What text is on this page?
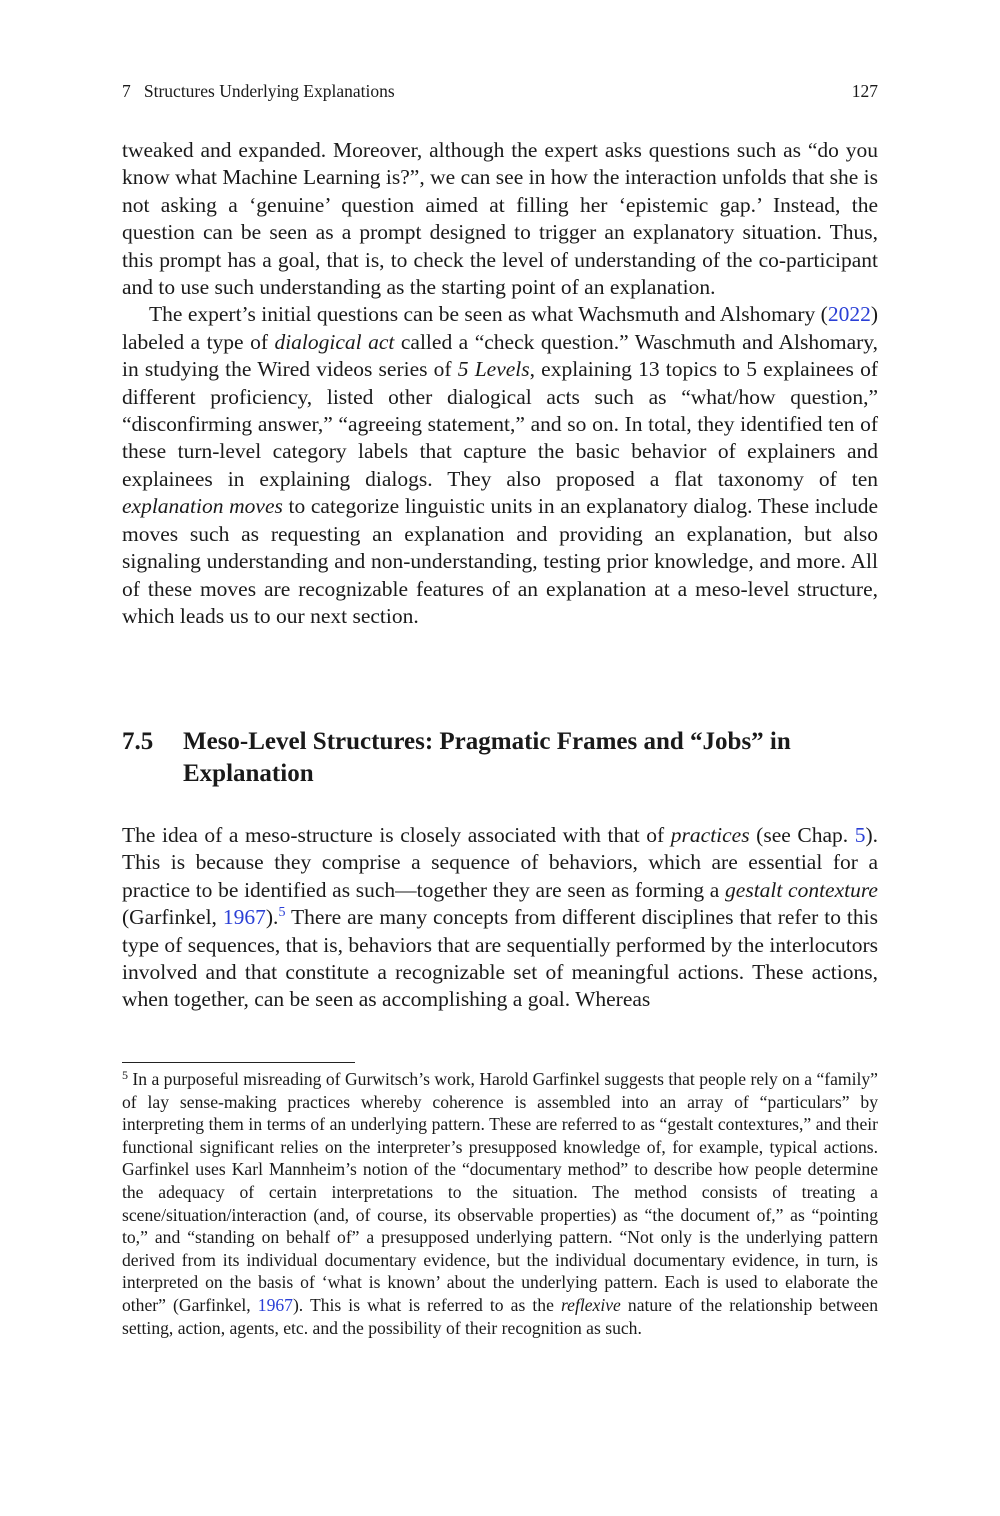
7   Structures Underlying Explanations	127

tweaked and expanded. Moreover, although the expert asks questions such as “do you know what Machine Learning is?”, we can see in how the interaction unfolds that she is not asking a ‘genuine’ question aimed at filling her ‘epistemic gap.’ Instead, the question can be seen as a prompt designed to trigger an explanatory situation. Thus, this prompt has a goal, that is, to check the level of understanding of the co-participant and to use such understanding as the starting point of an explanation.

The expert’s initial questions can be seen as what Wachsmuth and Alshomary (2022) labeled a type of dialogical act called a “check question.” Waschmuth and Alshomary, in studying the Wired videos series of 5 Levels, explaining 13 topics to 5 explainees of different proficiency, listed other dialogical acts such as “what/how question,” “disconfirming answer,” “agreeing statement,” and so on. In total, they identified ten of these turn-level category labels that capture the basic behavior of explainers and explainees in explaining dialogs. They also proposed a flat taxonomy of ten explanation moves to categorize linguistic units in an explanatory dialog. These include moves such as requesting an explanation and providing an explanation, but also signaling understanding and non-understanding, testing prior knowledge, and more. All of these moves are recognizable features of an explanation at a meso-level structure, which leads us to our next section.

7.5 Meso-Level Structures: Pragmatic Frames and “Jobs” in Explanation

The idea of a meso-structure is closely associated with that of practices (see Chap. 5). This is because they comprise a sequence of behaviors, which are essential for a practice to be identified as such—together they are seen as forming a gestalt contexture (Garfinkel, 1967).$^5$ There are many concepts from different disciplines that refer to this type of sequences, that is, behaviors that are sequentially performed by the interlocutors involved and that constitute a recognizable set of meaningful actions. These actions, when together, can be seen as accomplishing a goal. Whereas

$^5$ In a purposeful misreading of Gurwitsch’s work, Harold Garfinkel suggests that people rely on a “family” of lay sense-making practices whereby coherence is assembled into an array of “particulars” by interpreting them in terms of an underlying pattern. These are referred to as “gestalt contextures,” and their functional significant relies on the interpreter’s presupposed knowledge of, for example, typical actions. Garfinkel uses Karl Mannheim’s notion of the “documentary method” to describe how people determine the adequacy of certain interpretations to the situation. The method consists of treating a scene/situation/interaction (and, of course, its observable properties) as “the document of,” as “pointing to,” and “standing on behalf of” a presupposed underlying pattern. “Not only is the underlying pattern derived from its individual documentary evidence, but the individual documentary evidence, in turn, is interpreted on the basis of ‘what is known’ about the underlying pattern. Each is used to elaborate the other” (Garfinkel, 1967). This is what is referred to as the reflexive nature of the relationship between setting, action, agents, etc. and the possibility of their recognition as such.
